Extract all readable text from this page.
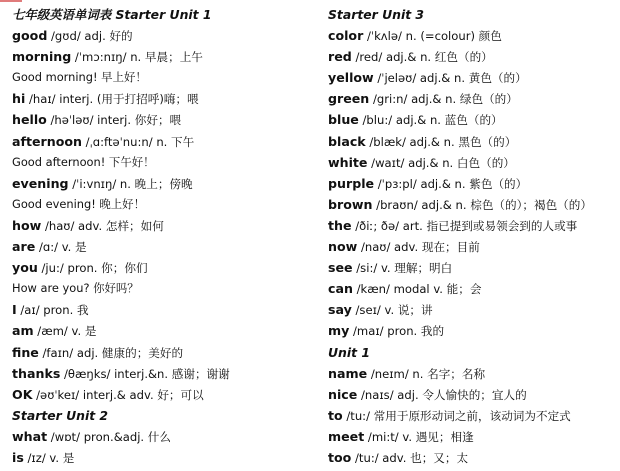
七年级英语单词表 Starter Unit 1
good /gʊd/ adj. 好的
morning /ˈmɔ:nɪŋ/ n. 早晨；上午
Good morning! 早上好！
hi /haɪ/ interj. (用于打招呼)嗨；喂
hello /həˈləʊ/ interj. 你好；喂
afternoon /ˌɑ:ftəˈnu:n/ n. 下午
Good afternoon! 下午好！
evening /ˈi:vnɪŋ/ n. 晚上；傍晚
Good evening! 晚上好！
how /haʊ/ adv. 怎样；如何
are /ɑ:/ v. 是
you /ju:/ pron. 你；你们
How are you? 你好吗？
I /aɪ/ pron. 我
am /æm/ v. 是
fine /faɪn/ adj. 健康的；美好的
thanks /θæŋks/ interj.&n. 感谢；谢谢
OK /əʊˈkeɪ/ interj.& adv. 好；可以
Starter Unit 2
what /wɒt/ pron.&adj. 什么
is /ɪz/ v. 是
Starter Unit 3
color /ˈkʌlə/ n. (=colour) 颜色
red /red/ adj.& n. 红色（的）
yellow /ˈjeləʊ/ adj.& n. 黄色（的）
green /gri:n/ adj.& n. 绿色（的）
blue /blu:/ adj.& n. 蓝色（的）
black /blæk/ adj.& n. 黑色（的）
white /waɪt/ adj.& n. 白色（的）
purple /ˈpɜ:pl/ adj.& n. 紫色（的）
brown /braʊn/ adj.& n. 棕色（的）；褐色（的）
the /ðiː; ðə/ art. 指已提到或易领会到的人或事
now /naʊ/ adv. 现在；目前
see /si:/ v. 理解；明白
can /kæn/ modal v. 能；会
say /seɪ/ v. 说；讲
my /maɪ/ pron. 我的
Unit 1
name /neɪm/ n. 名字；名称
nice /naɪs/ adj. 令人愉快的；宜人的
to /tu:/ 常用于原形动词之前，该动词为不定式
meet /mi:t/ v. 遇见；相逢
too /tu:/ adv. 也；又；太
